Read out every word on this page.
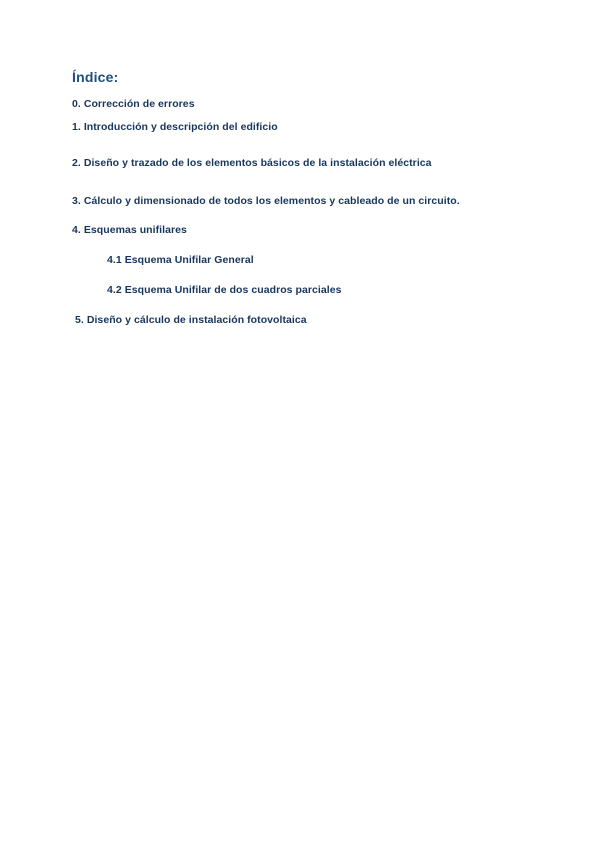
Índice:
0. Corrección de errores
1. Introducción y descripción del edificio
2. Diseño y trazado de los elementos básicos de la instalación eléctrica
3. Cálculo y dimensionado de todos los elementos y cableado de un circuito.
4. Esquemas unifilares
4.1 Esquema Unifilar General
4.2 Esquema Unifilar de dos cuadros parciales
5. Diseño y cálculo de instalación fotovoltaica
